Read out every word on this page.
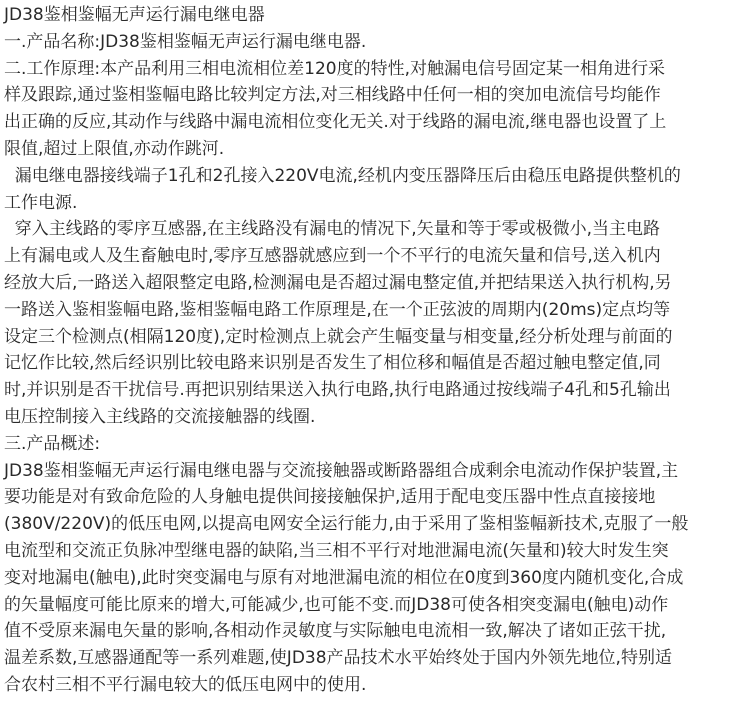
JD38鉴相鉴幅无声运行漏电继电器
一.产品名称:JD38鉴相鉴幅无声运行漏电继电器.
二.工作原理:本产品利用三相电流相位差120度的特性,对触漏电信号固定某一相角进行采
样及跟踪,通过鉴相鉴幅电路比较判定方法,对三相线路中任何一相的突加电流信号均能作
出正确的反应,其动作与线路中漏电流相位变化无关.对于线路的漏电流,继电器也设置了上
限值,超过上限值,亦动作跳河.
漏电继电器接线端子1孔和2孔接入220V电流,经机内变压器降压后由稳压电路提供整机的
工作电源.
穿入主线路的零序互感器,在主线路没有漏电的情况下,矢量和等于零或极微小,当主电路
上有漏电或人及生畜触电时,零序互感器就感应到一个不平行的电流矢量和信号,送入机内
经放大后,一路送入超限整定电路,检测漏电是否超过漏电整定值,并把结果送入执行机构,另
一路送入鉴相鉴幅电路,鉴相鉴幅电路工作原理是,在一个正弦波的周期内(20ms)定点均等
设定三个检测点(相隔120度),定时检测点上就会产生幅变量与相变量,经分析处理与前面的
记忆作比较,然后经识别比较电路来识别是否发生了相位移和幅值是否超过触电整定值,同
时,并识别是否干扰信号.再把识别结果送入执行电路,执行电路通过按线端子4孔和5孔输出
电压控制接入主线路的交流接触器的线圈.
三.产品概述:
JD38鉴相鉴幅无声运行漏电继电器与交流接触器或断路器组合成剩余电流动作保护装置,主
要功能是对有致命危险的人身触电提供间接接触保护,适用于配电变压器中性点直接接地
(380V/220V)的低压电网,以提高电网安全运行能力,由于采用了鉴相鉴幅新技术,克服了一般
电流型和交流正负脉冲型继电器的缺陷,当三相不平行对地泄漏电流(矢量和)较大时发生突
变对地漏电(触电),此时突变漏电与原有对地泄漏电流的相位在0度到360度内随机变化,合成
的矢量幅度可能比原来的增大,可能减少,也可能不变.而JD38可使各相突变漏电(触电)动作
值不受原来漏电矢量的影响,各相动作灵敏度与实际触电电流相一致,解决了诸如正弦干扰,
温差系数,互感器通配等一系列难题,使JD38产品技术水平始终处于国内外领先地位,特别适
合农村三相不平行漏电较大的低压电网中的使用.
